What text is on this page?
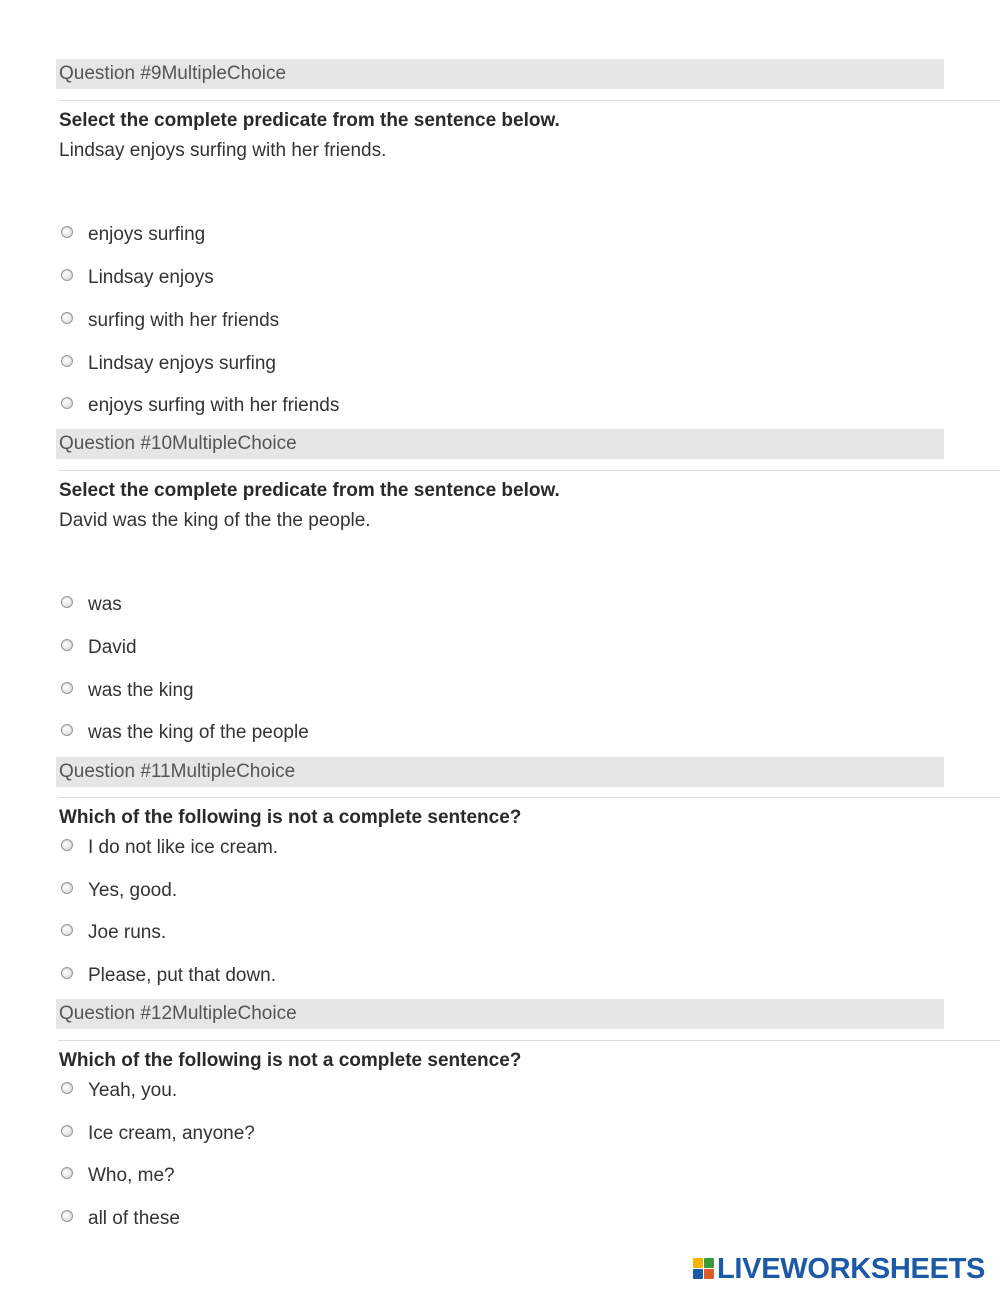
Question #9MultipleChoice
Select the complete predicate from the sentence below.
Lindsay enjoys surfing with her friends.
enjoys surfing
Lindsay enjoys
surfing with her friends
Lindsay enjoys surfing
enjoys surfing with her friends
Question #10MultipleChoice
Select the complete predicate from the sentence below.
David was the king of the the people.
was
David
was the king
was the king of the people
Question #11MultipleChoice
Which of the following is not a complete sentence?
I do not like ice cream.
Yes, good.
Joe runs.
Please, put that down.
Question #12MultipleChoice
Which of the following is not a complete sentence?
Yeah, you.
Ice cream, anyone?
Who, me?
all of these
LIVEWORKSHEETS
